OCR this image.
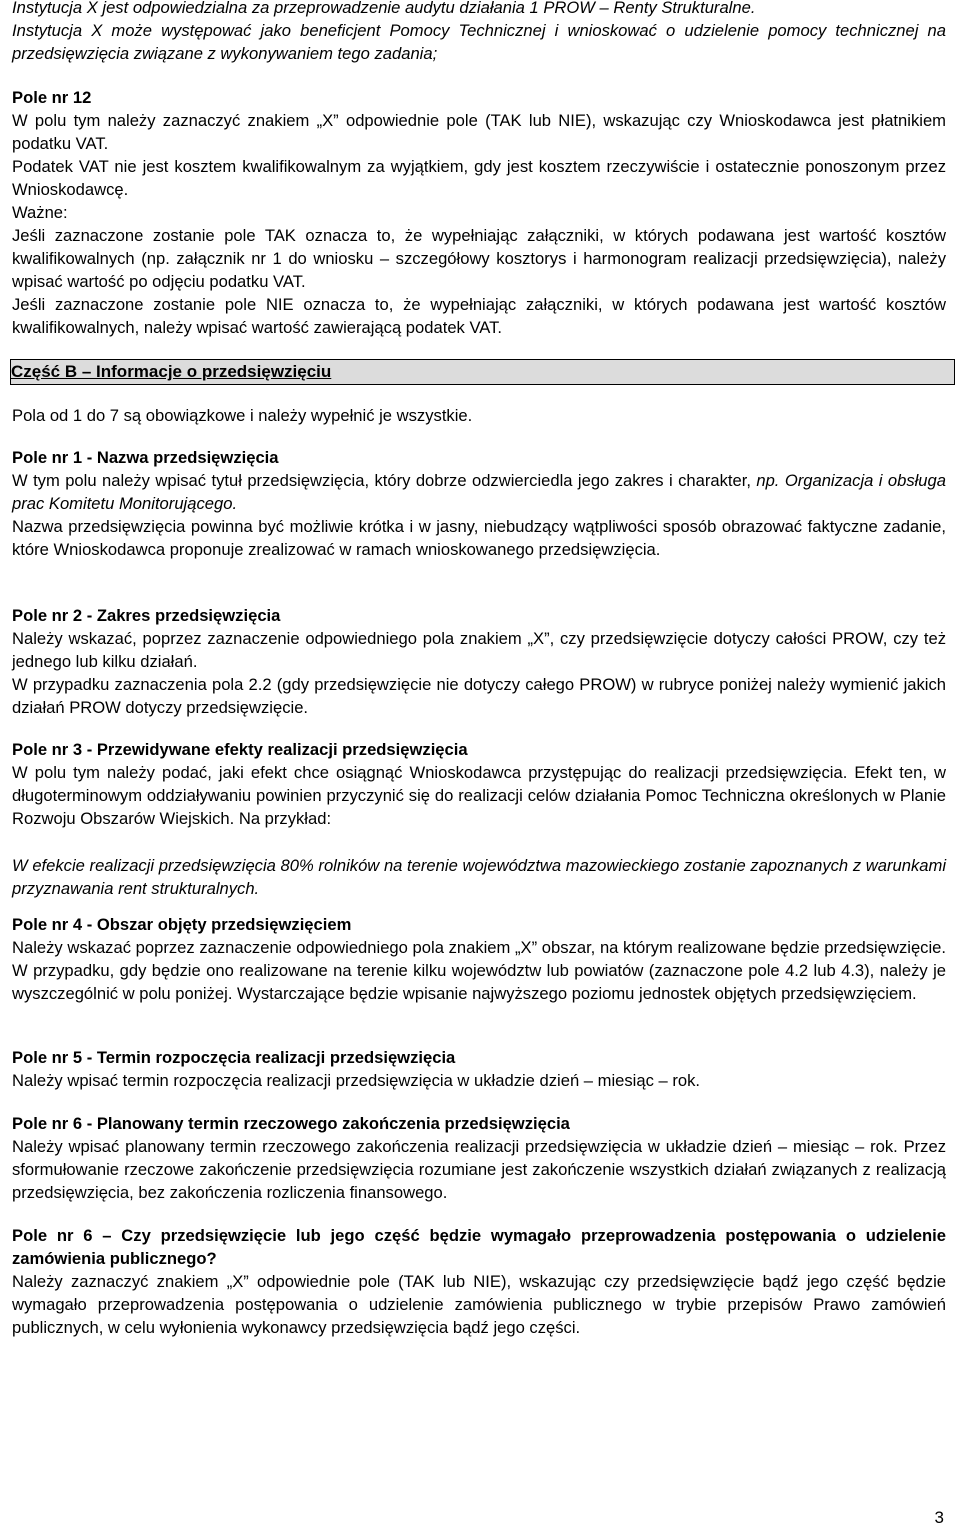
Instytucja X jest odpowiedzialna za przeprowadzenie audytu działania 1 PROW – Renty Strukturalne.

Instytucja X może występować jako beneficjent Pomocy Technicznej i wnioskować o udzielenie pomocy technicznej na przedsięwzięcia związane z wykonywaniem tego zadania;

Pole nr 12

W polu tym należy zaznaczyć znakiem „X” odpowiednie pole (TAK lub NIE), wskazując czy Wnioskodawca jest płatnikiem podatku VAT.

Podatek VAT nie jest kosztem kwalifikowalnym za wyjątkiem, gdy jest kosztem rzeczywiście i ostatecznie ponoszonym przez Wnioskodawcę.

Ważne:

Jeśli zaznaczone zostanie pole TAK oznacza to, że wypełniając załączniki, w których podawana jest wartość kosztów kwalifikowalnych (np. załącznik nr 1 do wniosku – szczegółowy kosztorys i harmonogram realizacji przedsięwzięcia), należy wpisać wartość po odjęciu podatku VAT.

Jeśli zaznaczone zostanie pole NIE oznacza to, że wypełniając załączniki, w których podawana jest wartość kosztów kwalifikowalnych, należy wpisać wartość zawierającą podatek VAT.

Część B – Informacje o przedsięwzięciu

Pola od 1 do 7 są obowiązkowe i należy wypełnić je wszystkie.

Pole nr 1 - Nazwa przedsięwzięcia

W tym polu należy wpisać tytuł przedsięwzięcia, który dobrze odzwierciedla jego zakres i charakter, np. Organizacja i obsługa prac Komitetu Monitorującego.

Nazwa przedsięwzięcia powinna być możliwie krótka i w jasny, niebudzący wątpliwości sposób obrazować faktyczne zadanie, które Wnioskodawca proponuje zrealizować w ramach wnioskowanego przedsięwzięcia.

Pole nr 2 - Zakres przedsięwzięcia

Należy wskazać, poprzez zaznaczenie odpowiedniego pola znakiem „X”, czy przedsięwzięcie dotyczy całości PROW, czy też jednego lub kilku działań.

W przypadku zaznaczenia pola 2.2 (gdy przedsięwzięcie nie dotyczy całego PROW) w rubryce poniżej należy wymienić jakich działań PROW dotyczy przedsięwzięcie.

Pole nr 3 - Przewidywane efekty realizacji przedsięwzięcia

W polu tym należy podać, jaki efekt chce osiągnąć Wnioskodawca przystępując do realizacji przedsięwzięcia. Efekt ten, w długoterminowym oddziaływaniu powinien przyczynić się do realizacji celów działania Pomoc Techniczna określonych w Planie Rozwoju Obszarów Wiejskich. Na przykład:

W efekcie realizacji przedsięwzięcia 80% rolników na terenie województwa mazowieckiego zostanie zapoznanych z warunkami przyznawania rent strukturalnych.

Pole nr 4 - Obszar objęty przedsięwzięciem

Należy wskazać poprzez zaznaczenie odpowiedniego pola znakiem „X” obszar, na którym realizowane będzie przedsięwzięcie. W przypadku, gdy będzie ono realizowane na terenie kilku województw lub powiatów (zaznaczone pole 4.2 lub 4.3), należy je wyszczególnić w polu poniżej. Wystarczające będzie wpisanie najwyższego poziomu jednostek objętych przedsięwzięciem.

Pole nr 5 - Termin rozpoczęcia realizacji przedsięwzięcia

Należy wpisać termin rozpoczęcia realizacji przedsięwzięcia w układzie dzień – miesiąc – rok.

Pole nr 6 - Planowany termin rzeczowego zakończenia przedsięwzięcia

Należy wpisać planowany termin rzeczowego zakończenia realizacji przedsięwzięcia w układzie dzień – miesiąc – rok. Przez sformułowanie rzeczowe zakończenie przedsięwzięcia rozumiane jest zakończenie wszystkich działań związanych z realizacją przedsięwzięcia, bez zakończenia rozliczenia finansowego.

Pole nr 6 – Czy przedsięwzięcie lub jego część będzie wymagało przeprowadzenia postępowania o udzielenie zamówienia publicznego?

Należy zaznaczyć znakiem „X” odpowiednie pole (TAK lub NIE), wskazując czy przedsięwzięcie bądź jego część będzie wymagało przeprowadzenia postępowania o udzielenie zamówienia publicznego w trybie przepisów Prawo zamówień publicznych, w celu wyłonienia wykonawcy przedsięwzięcia bądź jego części.

3
